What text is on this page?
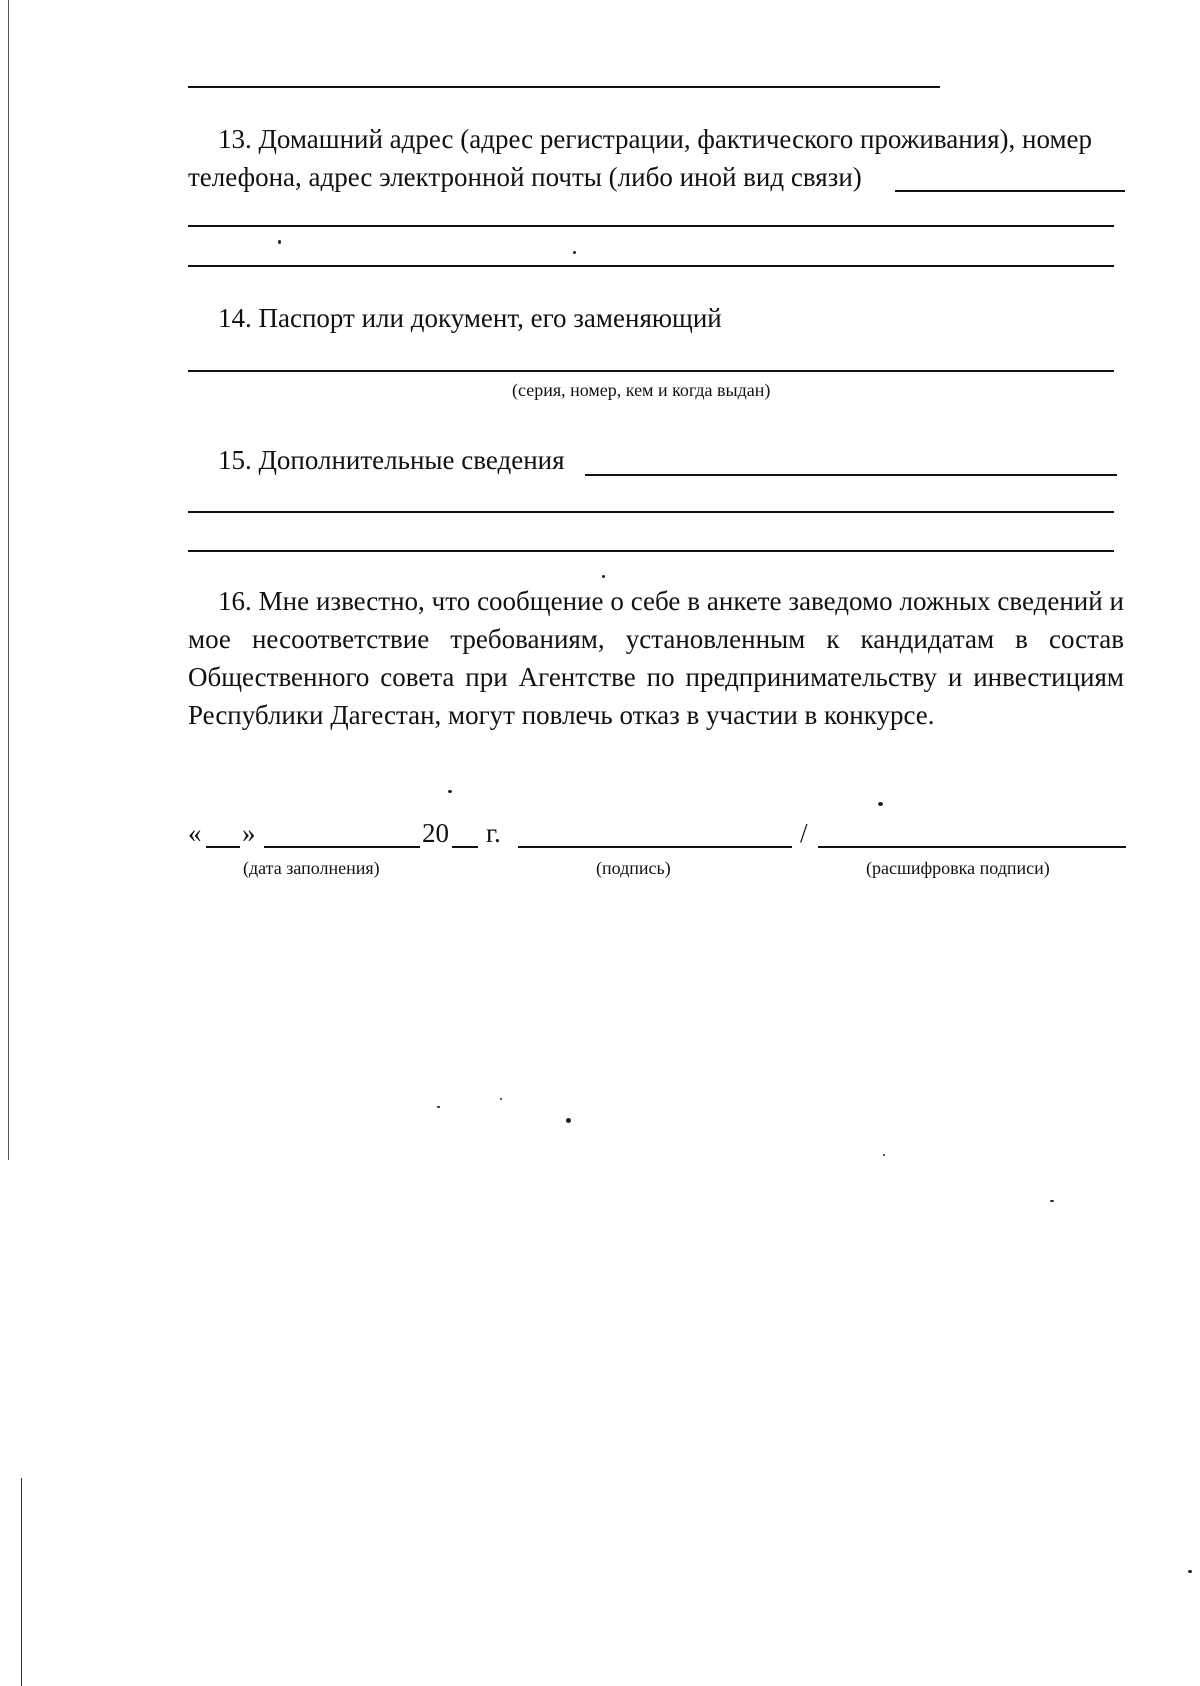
13. Домашний адрес (адрес регистрации, фактического проживания), номер
телефона, адрес электронной почты (либо иной вид связи)
14. Паспорт или документ, его заменяющий
(серия, номер, кем и когда выдан)
15. Дополнительные сведения
16. Мне известно, что сообщение о себе в анкете заведомо ложных сведений и мое несоответствие требованиям, установленным к кандидатам в состав Общественного совета при Агентстве по предпринимательству и инвестициям Республики Дагестан, могут повлечь отказ в участии в конкурсе.
« »	20 г.	/
(дата заполнения)	(подпись)	(расшифровка подписи)
